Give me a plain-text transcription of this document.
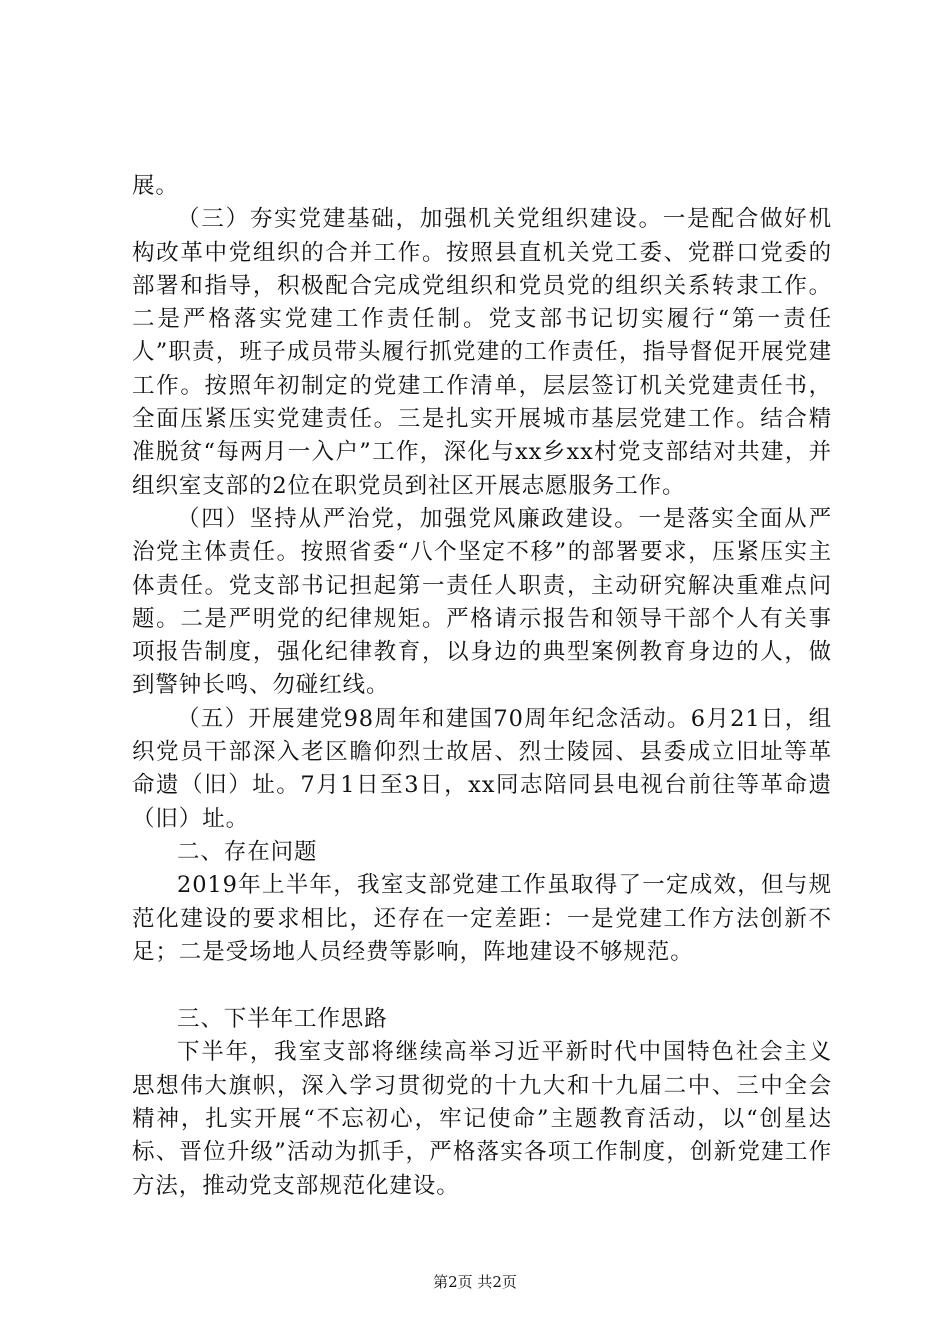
展。

（三）夯实党建基础，加强机关党组织建设。一是配合做好机构改革中党组织的合并工作。按照县直机关党工委、党群口党委的部署和指导，积极配合完成党组织和党员党的组织关系转隶工作。二是严格落实党建工作责任制。党支部书记切实履行“第一责任人”职责，班子成员带头履行抓党建的工作责任，指导督促开展党建工作。按照年初制定的党建工作清单，层层签订机关党建责任书，全面压紧压实党建责任。三是扎实开展城市基层党建工作。结合精准脱贫“每两月一入户”工作，深化与xx乡xx村党支部结对共建，并组织室支部的2位在职党员到社区开展志愿服务工作。

（四）坚持从严治党，加强党风廉政建设。一是落实全面从严治党主体责任。按照省委“八个坚定不移”的部署要求，压紧压实主体责任。党支部书记担起第一责任人职责，主动研究解决重难点问题。二是严明党的纪律规矩。严格请示报告和领导干部个人有关事项报告制度，强化纪律教育，以身边的典型案例教育身边的人，做到警钟长鸣、勿碰红线。

（五）开展建党98周年和建国70周年纪念活动。6月21日，组织党员干部深入老区瞻仰烈士故居、烈士陵园、县委成立旧址等革命遗（旧）址。7月1日至3日，xx同志陪同县电视台前往等革命遗（旧）址。

二、存在问题

2019年上半年，我室支部党建工作虽取得了一定成效，但与规范化建设的要求相比，还存在一定差距：一是党建工作方法创新不足；二是受场地人员经费等影响，阵地建设不够规范。

三、下半年工作思路

下半年，我室支部将继续高举习近平新时代中国特色社会主义思想伟大旗帜，深入学习贯彻党的十九大和十九届二中、三中全会精神，扎实开展“不忘初心，牢记使命”主题教育活动，以“创星达标、晋位升级”活动为抓手，严格落实各项工作制度，创新党建工作方法，推动党支部规范化建设。

第2页 共2页
